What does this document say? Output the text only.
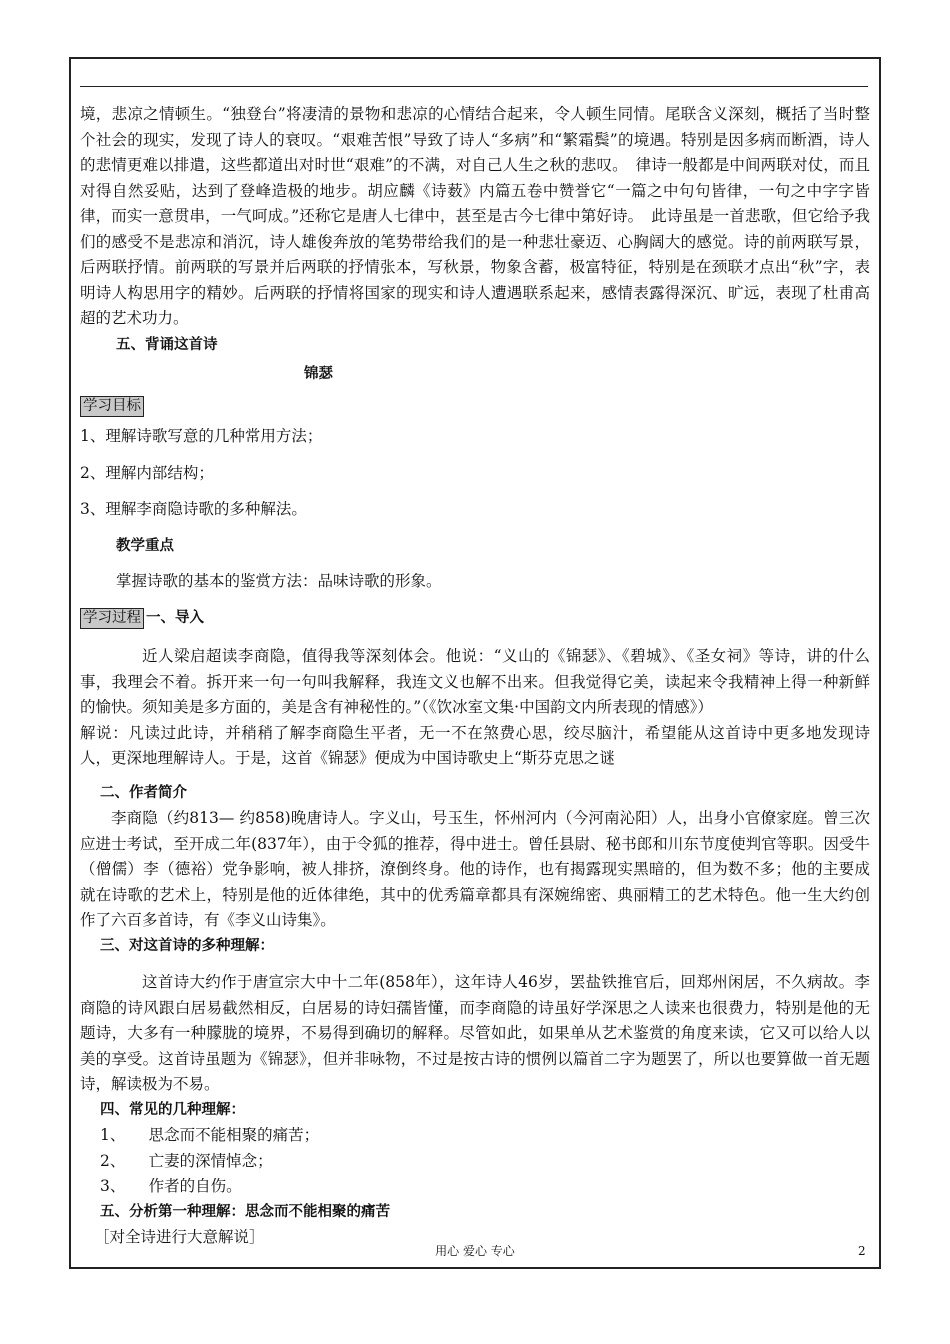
境，悲凉之情顿生。“独登台”将凄清的景物和悲凉的心情结合起来，令人顿生同情。尾联含义深刻，概括了当时整个社会的现实，发现了诗人的衰叹。“艰难苦恨”导致了诗人“多病”和“繁霜鬓”的境遇。特别是因多病而断酒，诗人的悲情更难以排遣，这些都道出对时世“艰难”的不满，对自己人生之秋的悲叹。　律诗一般都是中间两联对仗，而且对得自然妥贴，达到了登峰造极的地步。胡应麟《诗薮》内篇五卷中赞誉它“一篇之中句句皆律，一句之中字字皆律，而实一意贯串，一气呵成。”还称它是唐人七律中，甚至是古今七律中第好诗。　此诗虽是一首悲歌，但它给予我们的感受不是悲凉和消沉，诗人雄俊奔放的笔势带给我们的是一种悲壮豪迈、心胸阔大的感觉。诗的前两联写景，后两联抒情。前两联的写景并后两联的抒情张本，写秋景，物象含蓄，极富特征，特别是在颈联才点出“秋”字，表明诗人构思用字的精妙。后两联的抒情将国家的现实和诗人遭遇联系起来，感情表露得深沉、旷远，表现了杜甫高超的艺术功力。

五、背诵这首诗

锦瑟

学习目标

1、理解诗歌写意的几种常用方法；

2、理解内部结构；

3、理解李商隐诗歌的多种解法。

教学重点

掌握诗歌的基本的鉴赏方法：品味诗歌的形象。

学习过程 一、导入

近人梁启超读李商隐，值得我等深刻体会。他说：“义山的《锦瑟》、《碧城》、《圣女祠》等诗，讲的什么事，我理会不着。拆开来一句一句叫我解释，我连文义也解不出来。但我觉得它美，读起来令我精神上得一种新鲜的愉快。须知美是多方面的，美是含有神秘性的。”（《饮冰室文集·中国韵文内所表现的情感》）

解说：凡读过此诗，并稍稍了解李商隐生平者，无一不在煞费心思，绞尽脑汁，希望能从这首诗中更多地发现诗人，更深地理解诗人。于是，这首《锦瑟》便成为中国诗歌史上“斯芬克思之谜

二、作者简介

李商隐（约813— 约858)晚唐诗人。字义山，号玉生，怀州河内（今河南沁阳）人，出身小官僚家庭。曾三次应进士考试，至开成二年(837年），由于令狐的推荐，得中进士。曾任县尉、秘书郎和川东节度使判官等职。因受牛（僧儒）李（德裕）党争影响，被人排挤，潦倒终身。他的诗作，也有揭露现实黑暗的，但为数不多；他的主要成就在诗歌的艺术上，特别是他的近体律绝，其中的优秀篇章都具有深婉绵密、典丽精工的艺术特色。他一生大约创作了六百多首诗，有《李义山诗集》。

三、对这首诗的多种理解：

这首诗大约作于唐宣宗大中十二年(858年），这年诗人46岁，罢盐铁推官后，回郑州闲居，不久病故。李商隐的诗风跟白居易截然相反，白居易的诗妇孺皆懂，而李商隐的诗虽好学深思之人读来也很费力，特别是他的无题诗，大多有一种朦胧的境界，不易得到确切的解释。尽管如此，如果单从艺术鉴赏的角度来读，它又可以给人以美的享受。这首诗虽题为《锦瑟》，但并非咏物，不过是按古诗的惯例以篇首二字为题罢了，所以也要算做一首无题诗，解读极为不易。

四、常见的几种理解：

1、　　思念而不能相聚的痛苦；

2、　　亡妻的深情悼念；

3、　　作者的自伤。

五、分析第一种理解：思念而不能相聚的痛苦

［对全诗进行大意解说］

用心 爱心 专心	2
